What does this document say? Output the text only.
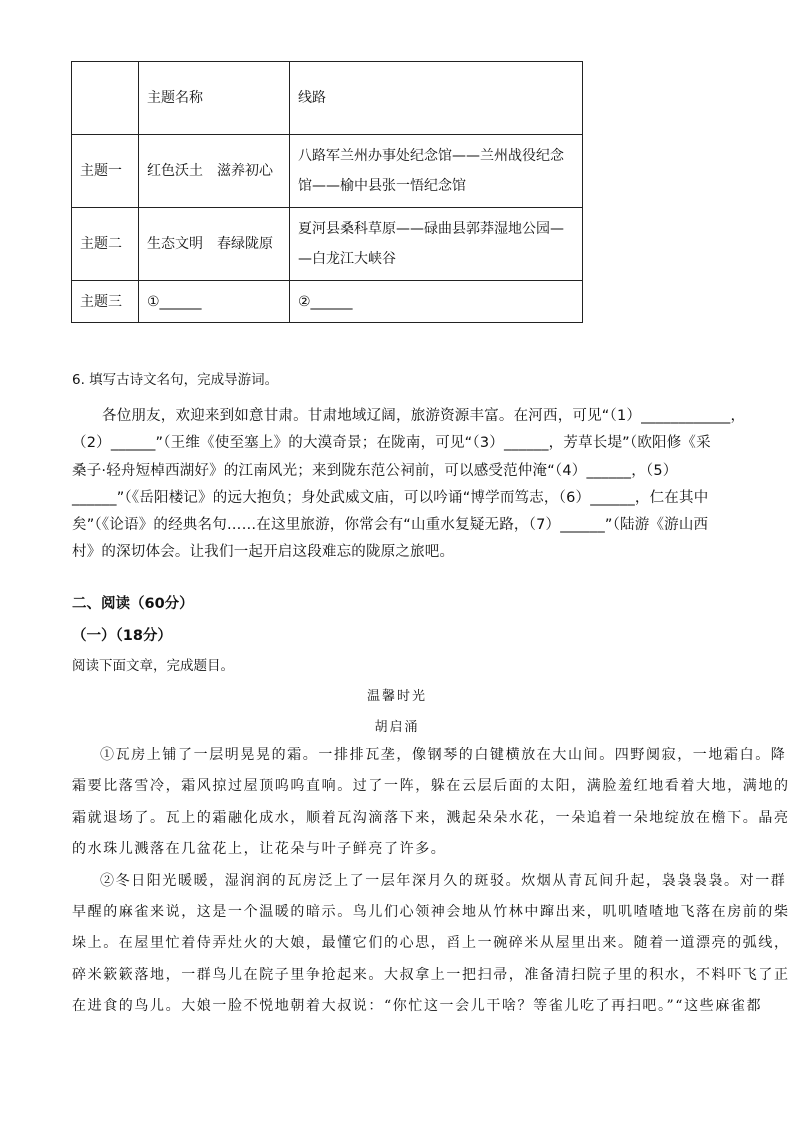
	主题名称	线路
主题一	红色沃土　滋养初心	八路军兰州办事处纪念馆——兰州战役纪念
馆——榆中县张一悟纪念馆

主题二	生态文明　春绿陇原	夏河县桑科草原——碌曲县郭莽湿地公园—
—白龙江大峡谷

主题三	①______	②______
6. 填写古诗文名句，完成导游词。
各位朋友，欢迎来到如意甘肃。甘肃地域辽阔，旅游资源丰富。在河西，可见“（1）____________，
（2）______”（王维《使至塞上》的大漠奇景；在陇南，可见“（3）______，芳草长堤”（欧阳修《采
桑子·轻舟短棹西湖好》的江南风光；来到陇东范公祠前，可以感受范仲淹“（4）______，（5）
______”（《岳阳楼记》的远大抱负；身处武威文庙，可以吟诵“博学而笃志，（6）______，仁在其中
矣”（《论语》的经典名句……在这里旅游，你常会有“山重水复疑无路，（7）______”（陆游《游山西
村》的深切体会。让我们一起开启这段难忘的陇原之旅吧。
二、阅读（60分）
（一）（18分）
阅读下面文章，完成题目。
温馨时光
胡启涌
①瓦房上铺了一层明晃晃的霜。一排排瓦垄，像钢琴的白键横放在大山间。四野阒寂，一地霜白。降
霜要比落雪冷，霜风掠过屋顶呜呜直响。过了一阵，躲在云层后面的太阳，满脸羞红地看着大地，满地的
霜就退场了。瓦上的霜融化成水，顺着瓦沟滴落下来，溅起朵朵水花，一朵追着一朵地绽放在檐下。晶亮
的水珠儿溅落在几盆花上，让花朵与叶子鲜亮了许多。
②冬日阳光暖暖，湿润润的瓦房泛上了一层年深月久的斑驳。炊烟从青瓦间升起，袅袅袅袅。对一群
早醒的麻雀来说，这是一个温暖的暗示。鸟儿们心领神会地从竹林中蹿出来，叽叽喳喳地飞落在房前的柴
垛上。在屋里忙着侍弄灶火的大娘，最懂它们的心思，舀上一碗碎米从屋里出来。随着一道漂亮的弧线，
碎米簌簌落地，一群鸟儿在院子里争抢起来。大叔拿上一把扫帚，准备清扫院子里的积水，不料吓飞了正
在进食的鸟儿。大娘一脸不悦地朝着大叔说：“你忙这一会儿干啥？等雀儿吃了再扫吧。”“这些麻雀都
